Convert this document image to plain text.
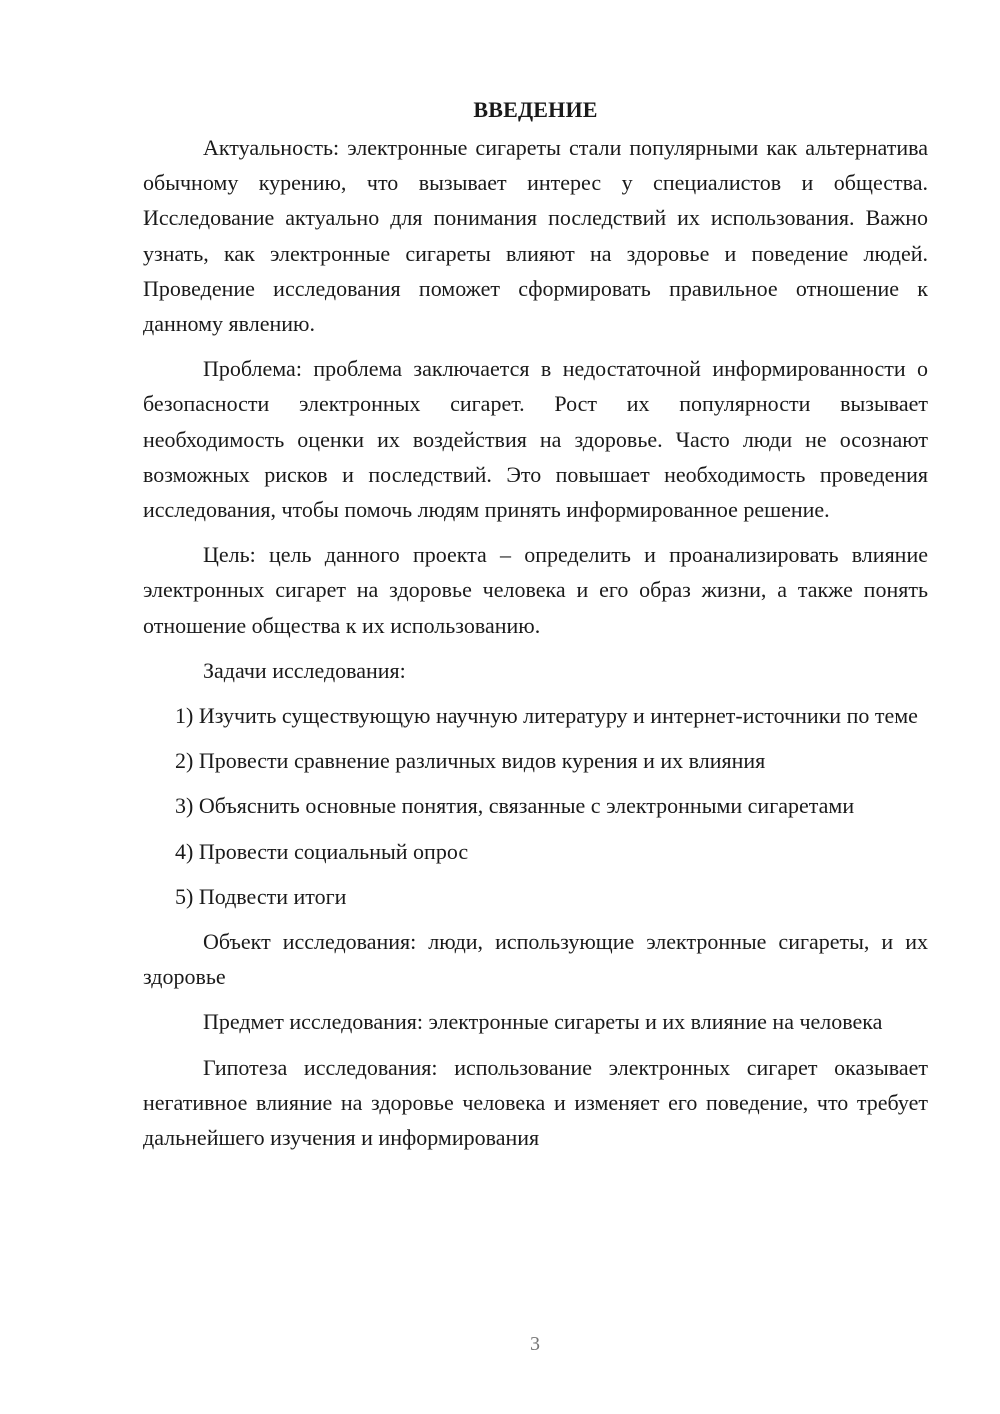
ВВЕДЕНИЕ

Актуальность: электронные сигареты стали популярными как альтернатива обычному курению, что вызывает интерес у специалистов и общества. Исследование актуально для понимания последствий их использования. Важно узнать, как электронные сигареты влияют на здоровье и поведение людей. Проведение исследования поможет сформировать правильное отношение к данному явлению.

Проблема: проблема заключается в недостаточной информированности о безопасности электронных сигарет. Рост их популярности вызывает необходимость оценки их воздействия на здоровье. Часто люди не осознают возможных рисков и последствий. Это повышает необходимость проведения исследования, чтобы помочь людям принять информированное решение.

Цель: цель данного проекта – определить и проанализировать влияние электронных сигарет на здоровье человека и его образ жизни, а также понять отношение общества к их использованию.

Задачи исследования:

1) Изучить существующую научную литературу и интернет-источники по теме

2) Провести сравнение различных видов курения и их влияния

3) Объяснить основные понятия, связанные с электронными сигаретами

4) Провести социальный опрос

5) Подвести итоги

Объект исследования: люди, использующие электронные сигареты, и их здоровье

Предмет исследования: электронные сигареты и их влияние на человека

Гипотеза исследования: использование электронных сигарет оказывает негативное влияние на здоровье человека и изменяет его поведение, что требует дальнейшего изучения и информирования

3
